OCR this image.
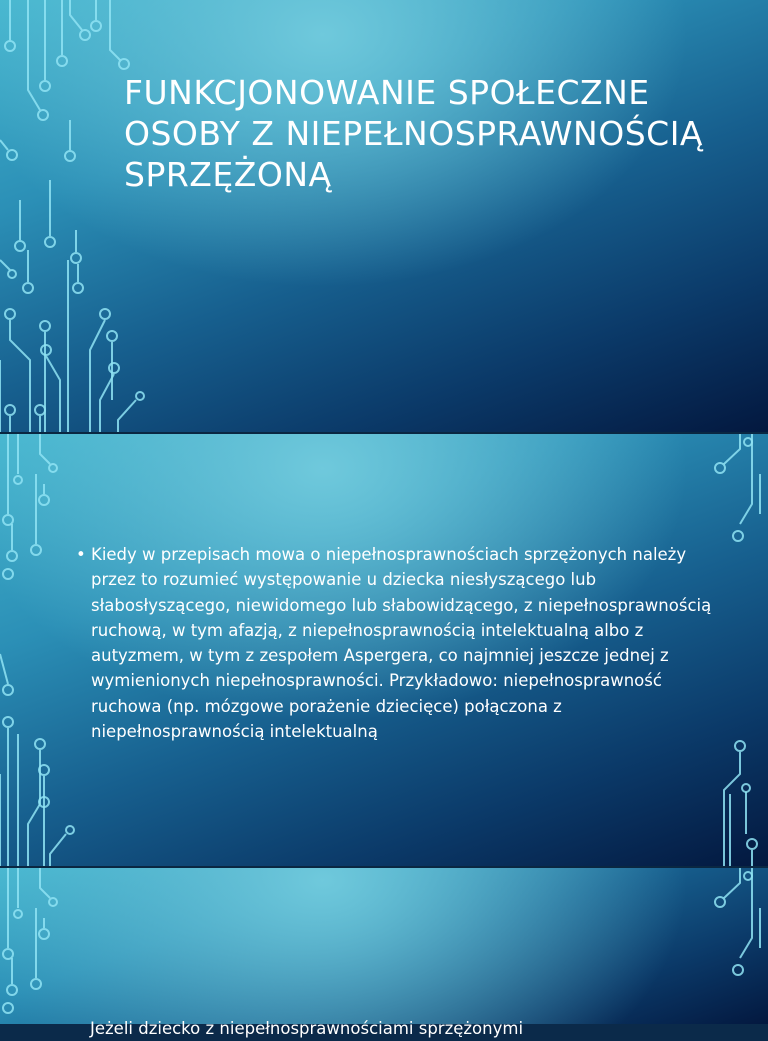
FUNKCJONOWANIE SPOŁECZNE OSOBY Z NIEPEŁNOSPRAWNOŚCIĄ SPRZĘŻONĄ

• Kiedy w przepisach mowa o niepełnosprawnościach sprzężonych należy przez to rozumieć występowanie u dziecka niesłyszącego lub słabosłyszącego, niewidomego lub słabowidzącego, z niepełnosprawnością ruchową, w tym afazją, z niepełnosprawnością intelektualną albo z autyzmem, w tym z zespołem Aspergera, co najmniej jeszcze jednej z wymienionych niepełnosprawności. Przykładowo: niepełnosprawność ruchowa (np. mózgowe porażenie dziecięce) połączona z niepełnosprawnością intelektualną

Jeżeli dziecko z niepełnosprawnościami sprzężonymi
